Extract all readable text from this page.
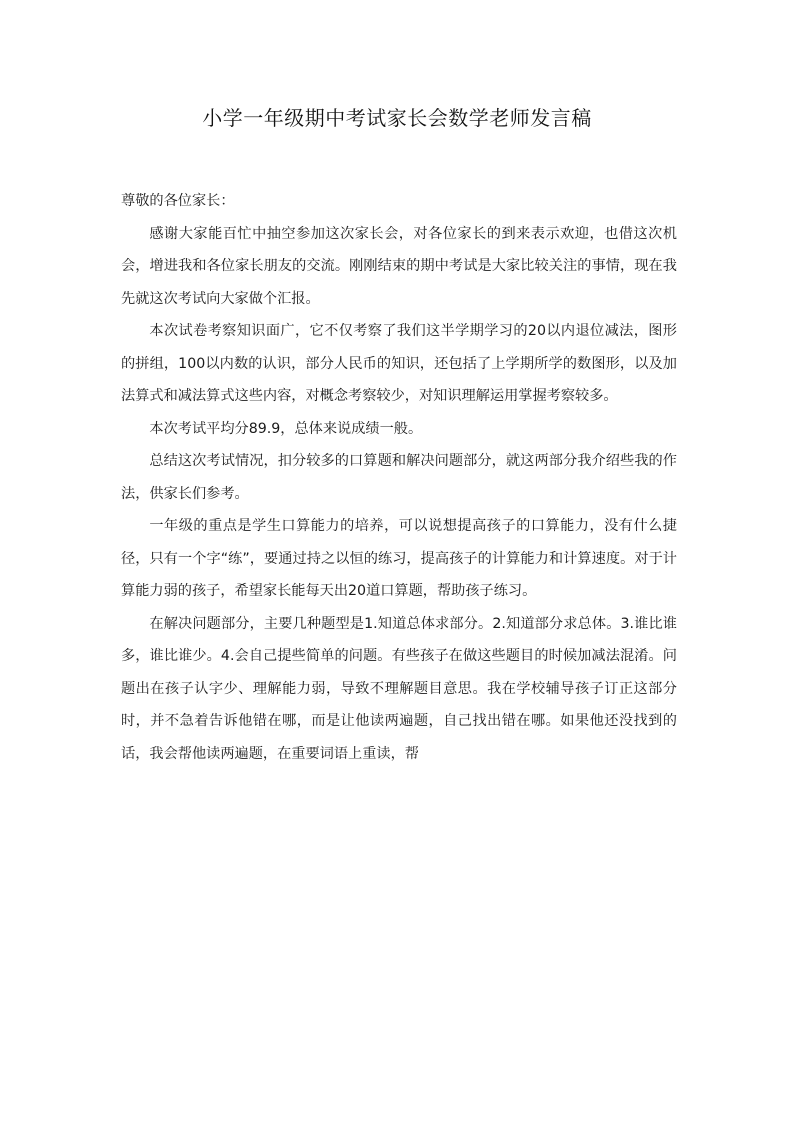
小学一年级期中考试家长会数学老师发言稿

尊敬的各位家长：

感谢大家能百忙中抽空参加这次家长会，对各位家长的到来表示欢迎，也借这次机会，增进我和各位家长朋友的交流。刚刚结束的期中考试是大家比较关注的事情，现在我先就这次考试向大家做个汇报。

本次试卷考察知识面广，它不仅考察了我们这半学期学习的20以内退位减法，图形的拼组，100以内数的认识，部分人民币的知识，还包括了上学期所学的数图形，以及加法算式和减法算式这些内容，对概念考察较少，对知识理解运用掌握考察较多。

本次考试平均分89.9，总体来说成绩一般。

总结这次考试情况，扣分较多的口算题和解决问题部分，就这两部分我介绍些我的作法，供家长们参考。

一年级的重点是学生口算能力的培养，可以说想提高孩子的口算能力，没有什么捷径，只有一个字“练”，要通过持之以恒的练习，提高孩子的计算能力和计算速度。对于计算能力弱的孩子，希望家长能每天出20道口算题，帮助孩子练习。

在解决问题部分，主要几种题型是1.知道总体求部分。2.知道部分求总体。3.谁比谁多，谁比谁少。4.会自己提些简单的问题。有些孩子在做这些题目的时候加减法混淆。问题出在孩子认字少、理解能力弱，导致不理解题目意思。我在学校辅导孩子订正这部分时，并不急着告诉他错在哪，而是让他读两遍题，自己找出错在哪。如果他还没找到的话，我会帮他读两遍题，在重要词语上重读，帮
